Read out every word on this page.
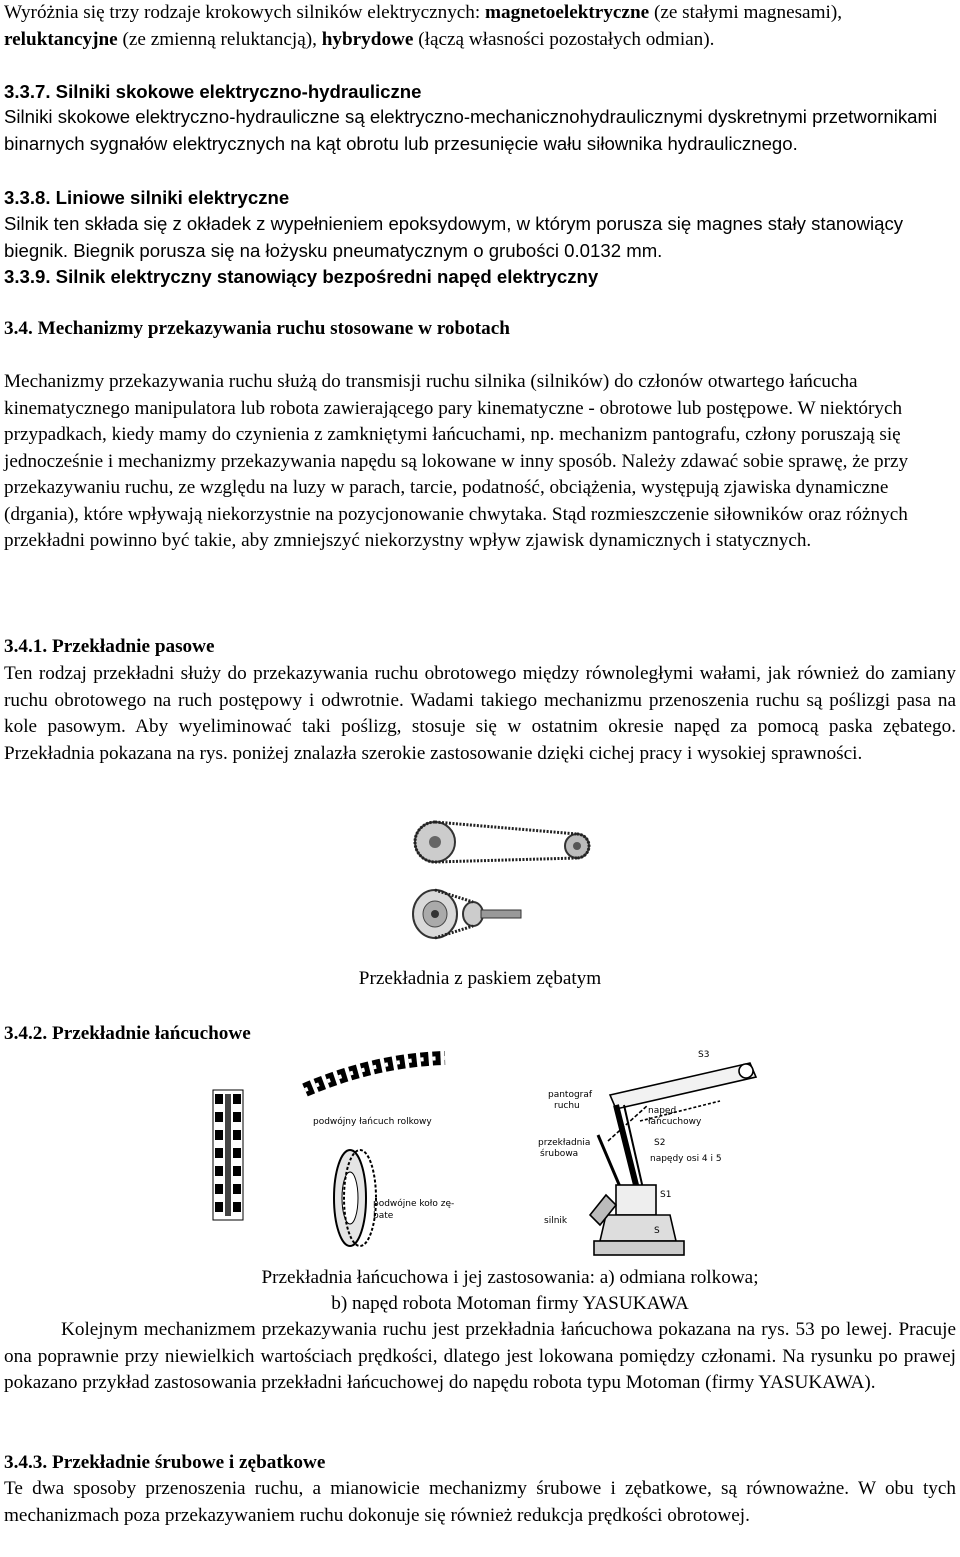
Wyróżnia się trzy rodzaje krokowych silników elektrycznych: magnetoelektryczne (ze stałymi magnesami), reluktancyjne (ze zmienną reluktancją), hybrydowe (łączą własności pozostałych odmian).

3.3.7. Silniki skokowe elektryczno-hydrauliczne

Silniki skokowe elektryczno-hydrauliczne są elektryczno-mechanicznohydraulicznymi dyskretnymi przetwornikami binarnych sygnałów elektrycznych na kąt obrotu lub przesunięcie wału siłownika hydraulicznego.

3.3.8. Liniowe silniki elektryczne

Silnik ten składa się z okładek z wypełnieniem epoksydowym, w którym porusza się magnes stały stanowiący biegnik. Biegnik porusza się na łożysku pneumatycznym o grubości 0.0132 mm.

3.3.9. Silnik elektryczny stanowiący bezpośredni napęd elektryczny

3.4. Mechanizmy przekazywania ruchu stosowane w robotach

Mechanizmy przekazywania ruchu służą do transmisji ruchu silnika (silników) do członów otwartego łańcucha kinematycznego manipulatora lub robota zawierającego pary kinematyczne - obrotowe lub postępowe. W niektórych przypadkach, kiedy mamy do czynienia z zamkniętymi łańcuchami, np. mechanizm pantografu, człony poruszają się jednocześnie i mechanizmy przekazywania napędu są lokowane w inny sposób. Należy zdawać sobie sprawę, że przy przekazywaniu ruchu, ze względu na luzy w parach, tarcie, podatność, obciążenia, występują zjawiska dynamiczne (drgania), które wpływają niekorzystnie na pozycjonowanie chwytaka. Stąd rozmieszczenie siłowników oraz różnych przekładni powinno być takie, aby zmniejszyć niekorzystny wpływ zjawisk dynamicznych i statycznych.

3.4.1. Przekładnie pasowe

Ten rodzaj przekładni służy do przekazywania ruchu obrotowego między równoległymi wałami, jak również do zamiany ruchu obrotowego na ruch postępowy i odwrotnie. Wadami takiego mechanizmu przenoszenia ruchu są poślizgi pasa na kole pasowym. Aby wyeliminować taki poślizg, stosuje się w ostatnim okresie napęd za pomocą paska zębatego. Przekładnia pokazana na rys. poniżej znalazła szerokie zastosowanie dzięki cichej pracy i wysokiej sprawności.

Przekładnia z paskiem zębatym

3.4.2. Przekładnie łańcuchowe

podwójny łańcuch rolkowy
podwójne koło zę-
bate
pantograf
ruchu
przekładnia
śrubowa
silnik
napęd
łańcuchowy
napędy osi 4 i 5
S3
S2
S1
S
Przekładnia łańcuchowa i jej zastosowania: a) odmiana rolkowa;
b) napęd robota Motoman firmy YASUKAWA

Kolejnym mechanizmem przekazywania ruchu jest przekładnia łańcuchowa pokazana na rys. 53 po lewej. Pracuje ona poprawnie przy niewielkich wartościach prędkości, dlatego jest lokowana pomiędzy członami. Na rysunku po prawej pokazano przykład zastosowania przekładni łańcuchowej do napędu robota typu Motoman (firmy YASUKAWA).

3.4.3. Przekładnie śrubowe i zębatkowe

Te dwa sposoby przenoszenia ruchu, a mianowicie mechanizmy śrubowe i zębatkowe, są równoważne. W obu tych mechanizmach poza przekazywaniem ruchu dokonuje się również redukcja prędkości obrotowej.
